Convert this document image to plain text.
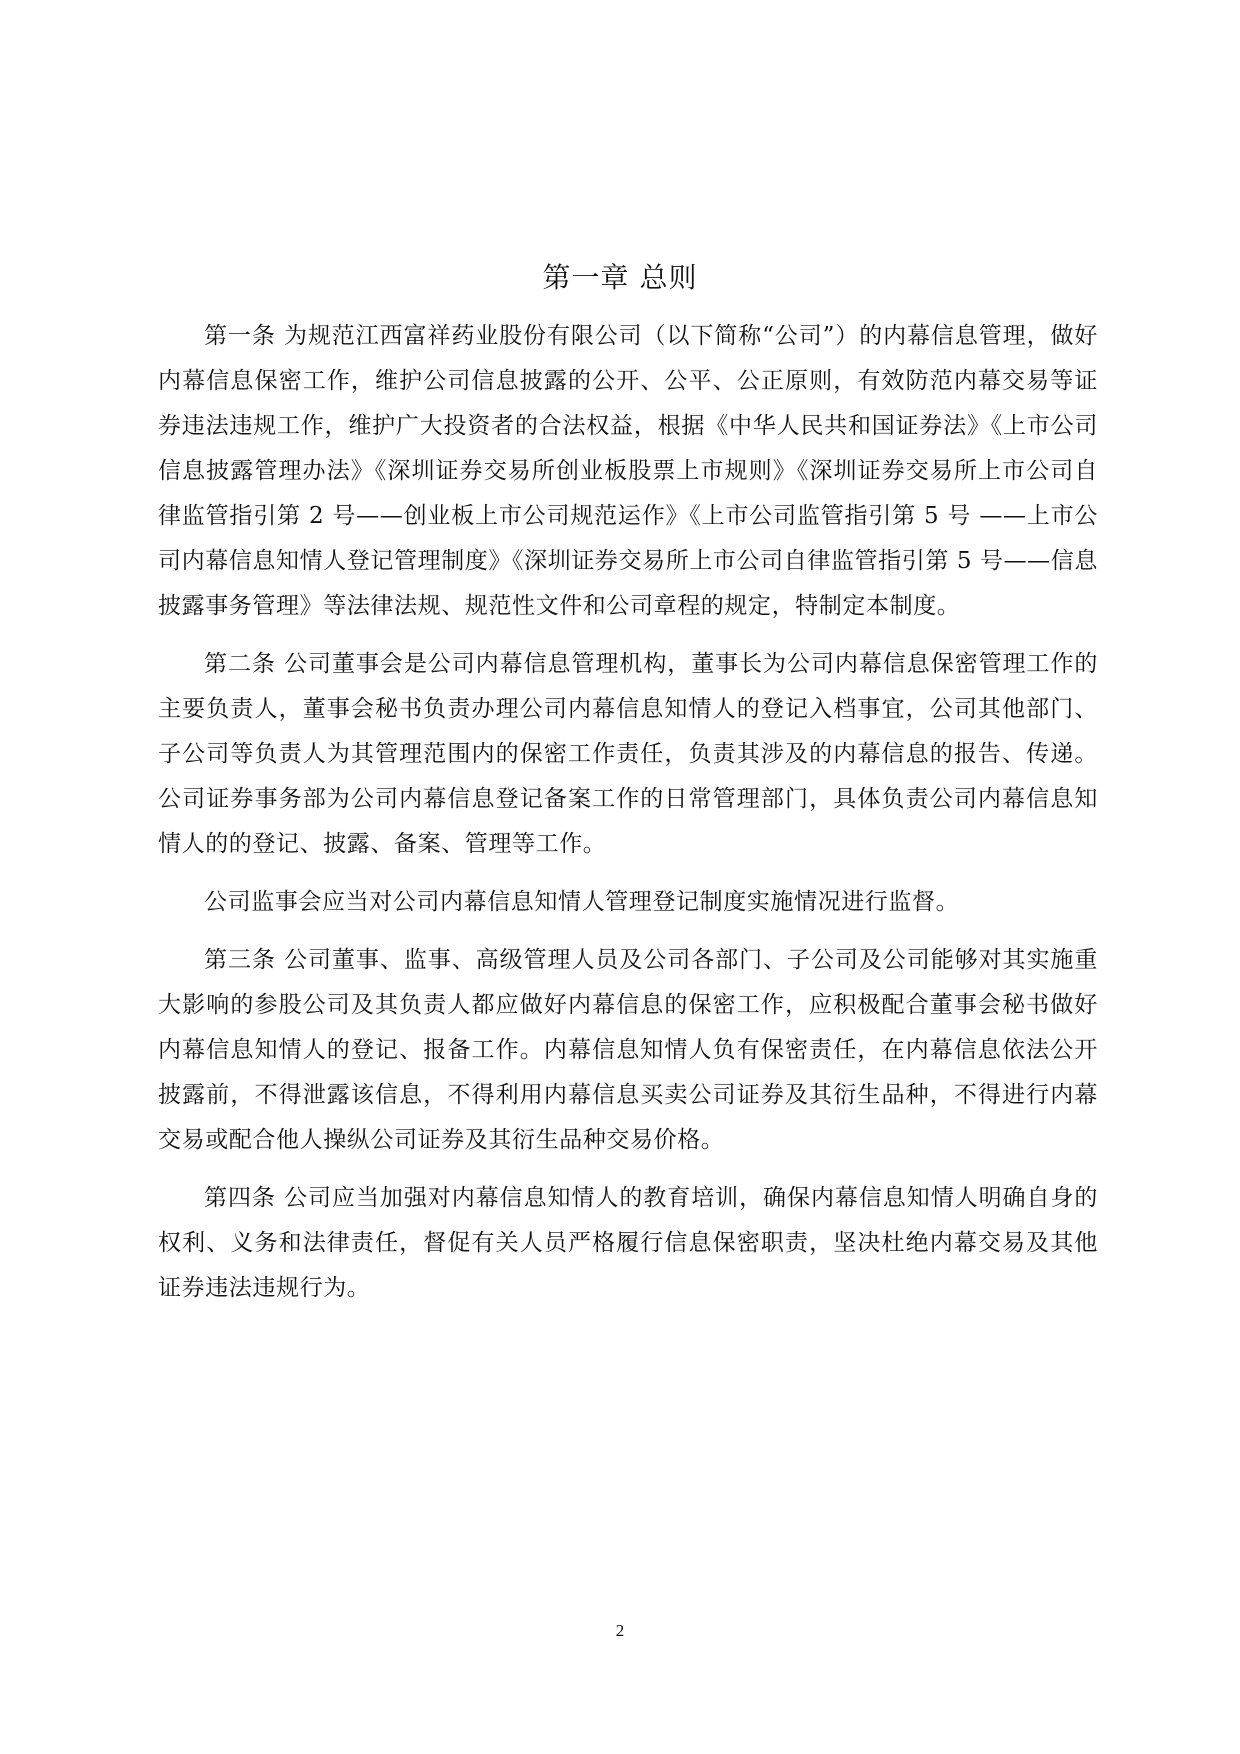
第一章 总则

第一条 为规范江西富祥药业股份有限公司（以下简称“公司”）的内幕信息管理，做好内幕信息保密工作，维护公司信息披露的公开、公平、公正原则，有效防范内幕交易等证券违法违规工作，维护广大投资者的合法权益，根据《中华人民共和国证券法》《上市公司信息披露管理办法》《深圳证券交易所创业板股票上市规则》《深圳证券交易所上市公司自律监管指引第 2 号——创业板上市公司规范运作》《上市公司监管指引第 5 号 ——上市公司内幕信息知情人登记管理制度》《深圳证券交易所上市公司自律监管指引第 5 号——信息披露事务管理》等法律法规、规范性文件和公司章程的规定，特制定本制度。

第二条 公司董事会是公司内幕信息管理机构，董事长为公司内幕信息保密管理工作的主要负责人，董事会秘书负责办理公司内幕信息知情人的登记入档事宜，公司其他部门、子公司等负责人为其管理范围内的保密工作责任，负责其涉及的内幕信息的报告、传递。公司证券事务部为公司内幕信息登记备案工作的日常管理部门，具体负责公司内幕信息知情人的的登记、披露、备案、管理等工作。

公司监事会应当对公司内幕信息知情人管理登记制度实施情况进行监督。

第三条 公司董事、监事、高级管理人员及公司各部门、子公司及公司能够对其实施重大影响的参股公司及其负责人都应做好内幕信息的保密工作，应积极配合董事会秘书做好内幕信息知情人的登记、报备工作。内幕信息知情人负有保密责任，在内幕信息依法公开披露前，不得泄露该信息，不得利用内幕信息买卖公司证券及其衍生品种，不得进行内幕交易或配合他人操纵公司证券及其衍生品种交易价格。

第四条 公司应当加强对内幕信息知情人的教育培训，确保内幕信息知情人明确自身的权利、义务和法律责任，督促有关人员严格履行信息保密职责，坚决杜绝内幕交易及其他证券违法违规行为。

2
